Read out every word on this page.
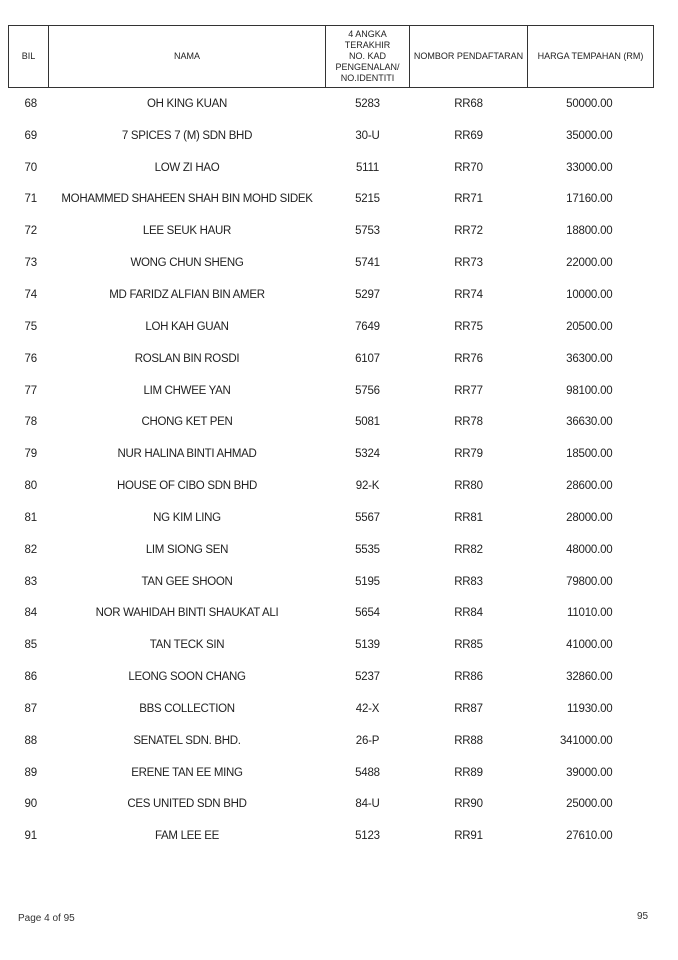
BIL	NAMA	4 ANGKA TERAKHIR
NO. KAD
PENGENALAN/
NO.IDENTITI	NOMBOR PENDAFTARAN	HARGA TEMPAHAN (RM)
68	OH KING KUAN	5283	RR68	50000.00
69	7 SPICES 7 (M) SDN BHD	30-U	RR69	35000.00
70	LOW ZI HAO	5111	RR70	33000.00
71	MOHAMMED SHAHEEN SHAH BIN MOHD SIDEK	5215	RR71	17160.00
72	LEE SEUK HAUR	5753	RR72	18800.00
73	WONG CHUN SHENG	5741	RR73	22000.00
74	MD FARIDZ ALFIAN BIN AMER	5297	RR74	10000.00
75	LOH KAH GUAN	7649	RR75	20500.00
76	ROSLAN BIN ROSDI	6107	RR76	36300.00
77	LIM CHWEE YAN	5756	RR77	98100.00
78	CHONG KET PEN	5081	RR78	36630.00
79	NUR HALINA BINTI AHMAD	5324	RR79	18500.00
80	HOUSE OF CIBO SDN BHD	92-K	RR80	28600.00
81	NG KIM LING	5567	RR81	28000.00
82	LIM SIONG SEN	5535	RR82	48000.00
83	TAN GEE SHOON	5195	RR83	79800.00
84	NOR WAHIDAH BINTI SHAUKAT ALI	5654	RR84	11010.00
85	TAN TECK SIN	5139	RR85	41000.00
86	LEONG SOON CHANG	5237	RR86	32860.00
87	BBS COLLECTION	42-X	RR87	11930.00
88	SENATEL SDN. BHD.	26-P	RR88	341000.00
89	ERENE TAN EE MING	5488	RR89	39000.00
90	CES UNITED SDN BHD	84-U	RR90	25000.00
91	FAM LEE EE	5123	RR91	27610.00
Page 4 of 95	95
